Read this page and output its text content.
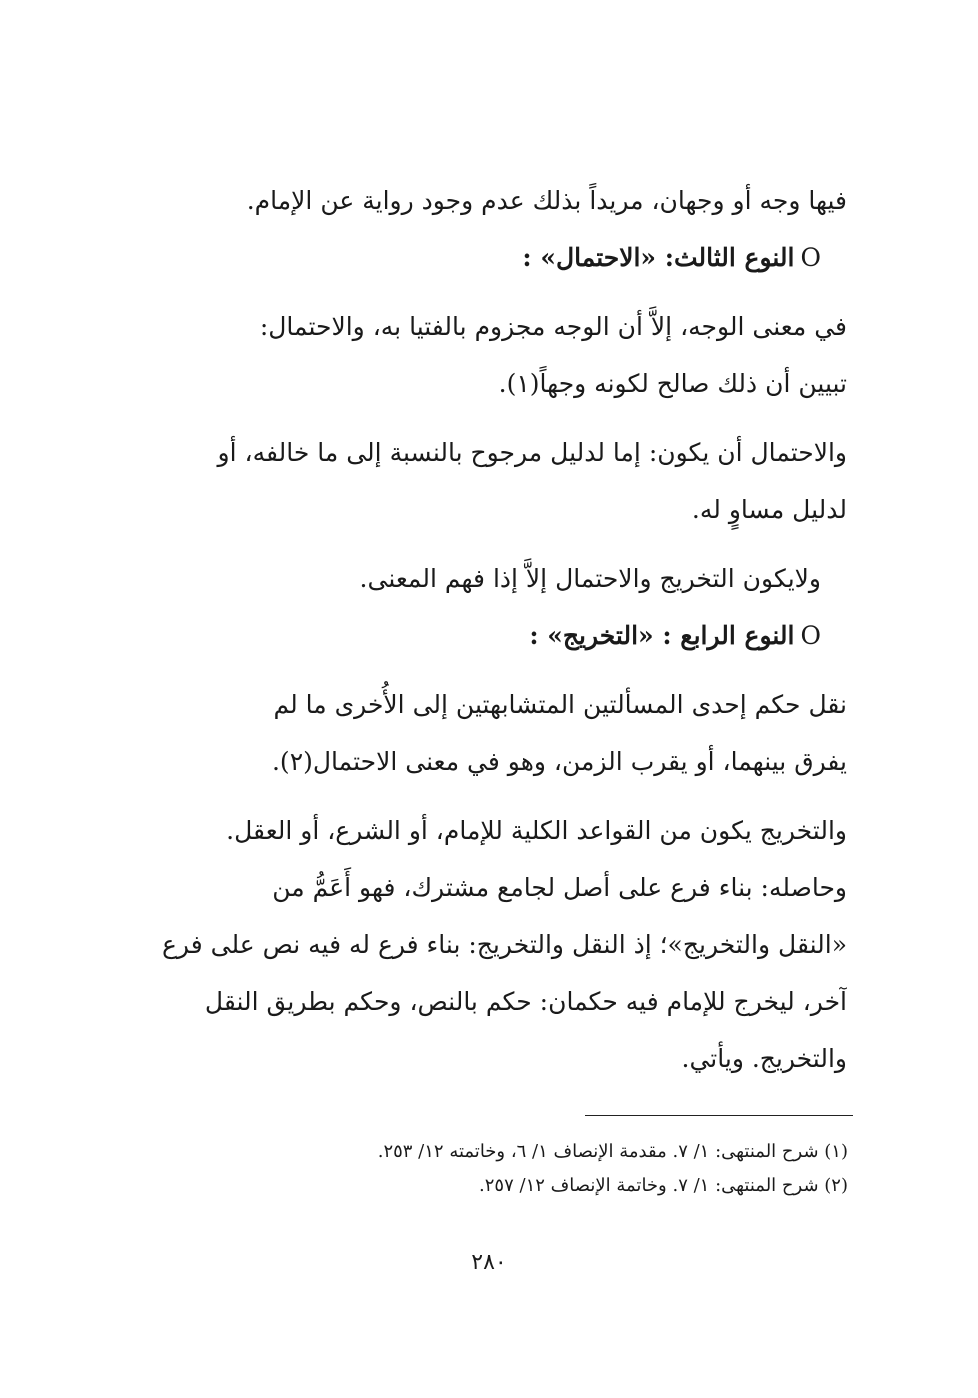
فيها وجه أو وجهان، مريداً بذلك عدم وجود رواية عن الإمام.

Oالنوع الثالث: «الاحتمال» :

في معنى الوجه، إلاَّ أن الوجه مجزوم بالفتيا به، والاحتمال:
تبيين أن ذلك صالح لكونه وجهاً(١).

والاحتمال أن يكون: إما لدليل مرجوح بالنسبة إلى ما خالفه، أو
لدليل مساوٍ له.

ولايكون التخريج والاحتمال إلاَّ إذا فهم المعنى.

Oالنوع الرابع : «التخريج» :

نقل حكم إحدى المسألتين المتشابهتين إلى الأُخرى ما لم
يفرق بينهما، أو يقرب الزمن، وهو في معنى الاحتمال(٢).

والتخريج يكون من القواعد الكلية للإمام، أو الشرع، أو العقل.

وحاصله: بناء فرع على أصل لجامع مشترك، فهو أَعَمُّ من
«النقل والتخريج»؛ إذ النقل والتخريج: بناء فرع له فيه نص على فرع
آخر، ليخرج للإمام فيه حكمان: حكم بالنص، وحكم بطريق النقل
والتخريج. ويأتي.

(١) شرح المنتهى: ١/ ٧. مقدمة الإنصاف ١/ ٦، وخاتمته ١٢/ ٢٥٣.
(٢) شرح المنتهى: ١/ ٧. وخاتمة الإنصاف ١٢/ ٢٥٧.
٢٨٠
